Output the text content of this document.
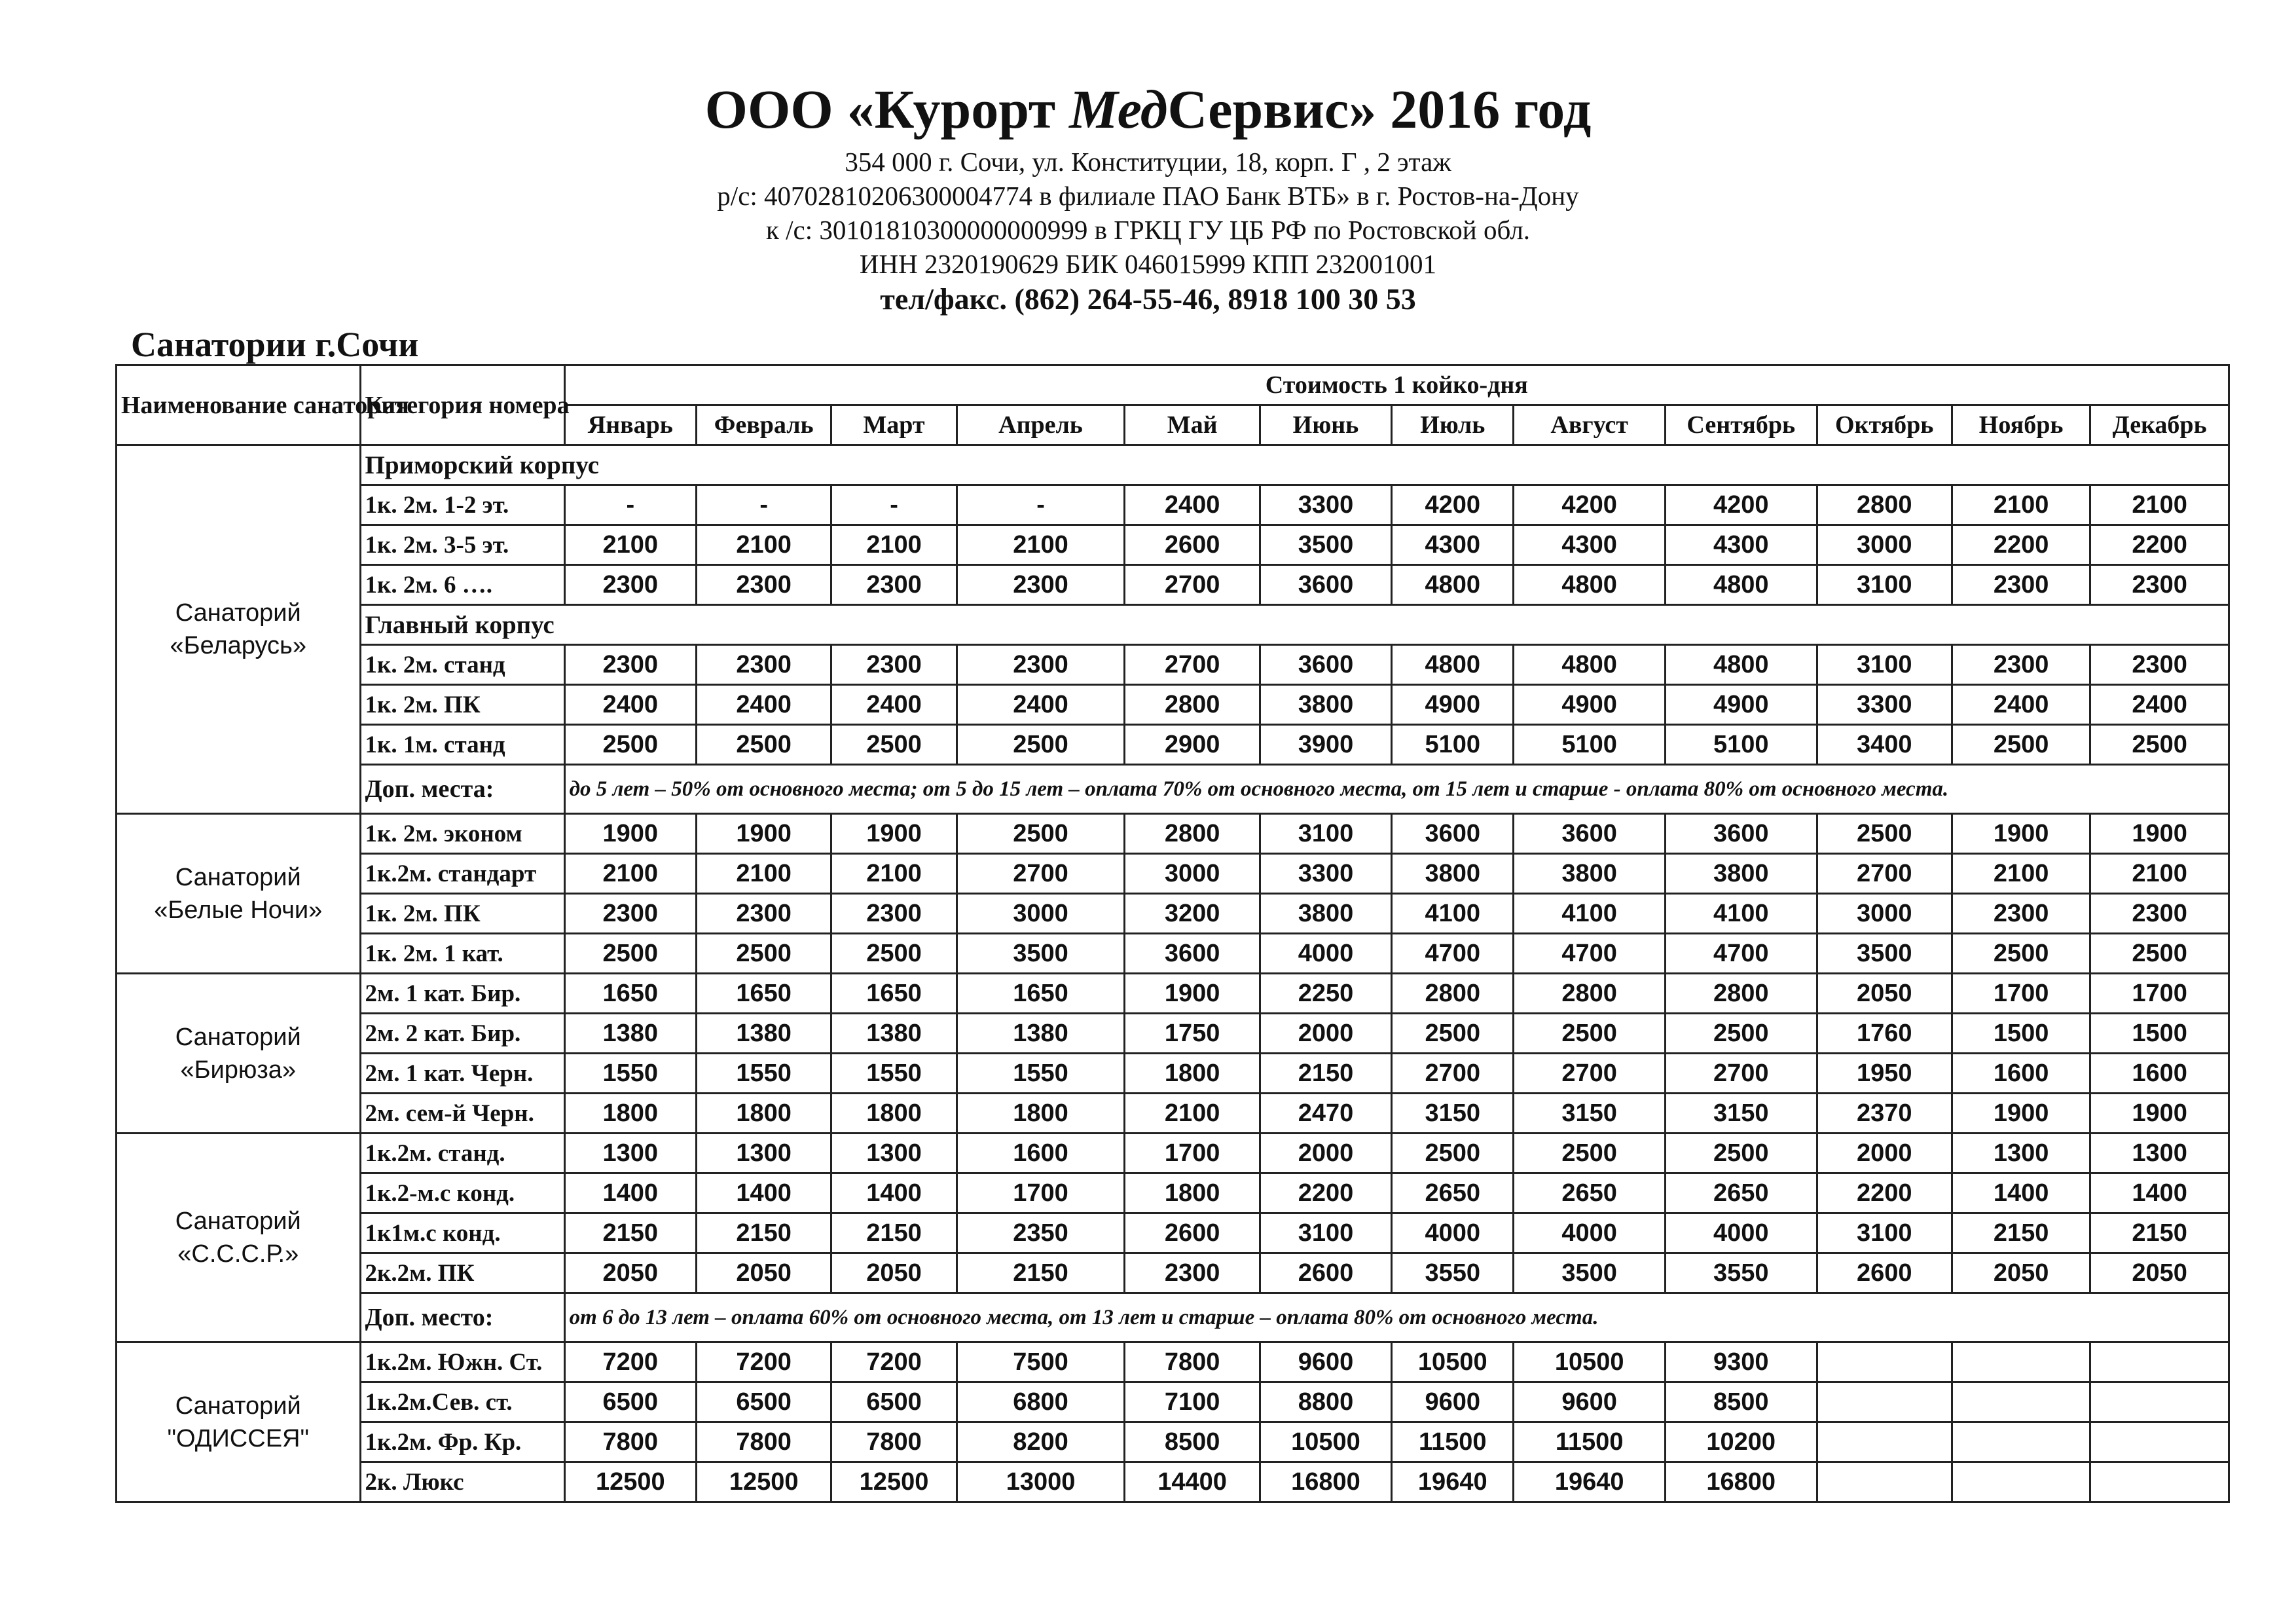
ООО «Курорт МедСервис» 2016 год
354 000 г. Сочи, ул. Конституции, 18, корп. Г , 2 этаж
р/с: 40702810206300004774 в филиале ПАО Банк ВТБ» в г. Ростов-на-Дону
к /с: 30101810300000000999 в ГРКЦ ГУ ЦБ РФ по Ростовской обл.
ИНН 2320190629 БИК 046015999 КПП 232001001
тел/факс. (862) 264-55-46, 8918 100 30 53
Санатории г.Сочи
Наименование санатория	Категория номера	Стоимость 1 койко-дня											
		Январь	Февраль	Март	Апрель	Май	Июнь	Июль	Август	Сентябрь	Октябрь	Ноябрь	Декабрь

Санаторий
«Беларусь»	Приморский корпус												
	1к. 2м. 1-2 эт.	-	-	-	-	2400	3300	4200	4200	4200	2800	2100	2100
	1к. 2м. 3-5 эт.	2100	2100	2100	2100	2600	3500	4300	4300	4300	3000	2200	2200
	1к. 2м. 6 ….	2300	2300	2300	2300	2700	3600	4800	4800	4800	3100	2300	2300
	Главный корпус												
	1к. 2м. станд	2300	2300	2300	2300	2700	3600	4800	4800	4800	3100	2300	2300
	1к. 2м. ПК	2400	2400	2400	2400	2800	3800	4900	4900	4900	3300	2400	2400
	1к. 1м. станд	2500	2500	2500	2500	2900	3900	5100	5100	5100	3400	2500	2500
	Доп. места:	до 5 лет – 50% от основного места; от 5 до 15 лет – оплата 70% от основного места, от 15 лет и старше - оплата 80% от основного места.											

Санаторий
«Белые Ночи»	1к. 2м. эконом	1900	1900	1900	2500	2800	3100	3600	3600	3600	2500	1900	1900
	1к.2м. стандарт	2100	2100	2100	2700	3000	3300	3800	3800	3800	2700	2100	2100
	1к. 2м. ПК	2300	2300	2300	3000	3200	3800	4100	4100	4100	3000	2300	2300
	1к. 2м. 1 кат.	2500	2500	2500	3500	3600	4000	4700	4700	4700	3500	2500	2500

Санаторий
«Бирюза»	2м. 1 кат. Бир.	1650	1650	1650	1650	1900	2250	2800	2800	2800	2050	1700	1700
	2м. 2 кат. Бир.	1380	1380	1380	1380	1750	2000	2500	2500	2500	1760	1500	1500
	2м. 1 кат. Черн.	1550	1550	1550	1550	1800	2150	2700	2700	2700	1950	1600	1600
	2м. сем-й Черн.	1800	1800	1800	1800	2100	2470	3150	3150	3150	2370	1900	1900

Санаторий
«С.С.С.Р.»	1к.2м. станд.	1300	1300	1300	1600	1700	2000	2500	2500	2500	2000	1300	1300
	1к.2-м.с конд.	1400	1400	1400	1700	1800	2200	2650	2650	2650	2200	1400	1400
	1к1м.с конд.	2150	2150	2150	2350	2600	3100	4000	4000	4000	3100	2150	2150
	2к.2м. ПК	2050	2050	2050	2150	2300	2600	3550	3500	3550	2600	2050	2050
	Доп. место:	от 6 до 13 лет – оплата 60% от основного места, от 13 лет и старше – оплата 80% от основного места.											

Санаторий
"ОДИССЕЯ"	1к.2м. Южн. Ст.	7200	7200	7200	7500	7800	9600	10500	10500	9300			
	1к.2м.Сев. ст.	6500	6500	6500	6800	7100	8800	9600	9600	8500			
	1к.2м. Фр. Кр.	7800	7800	7800	8200	8500	10500	11500	11500	10200			
	2к. Люкс	12500	12500	12500	13000	14400	16800	19640	19640	16800			
